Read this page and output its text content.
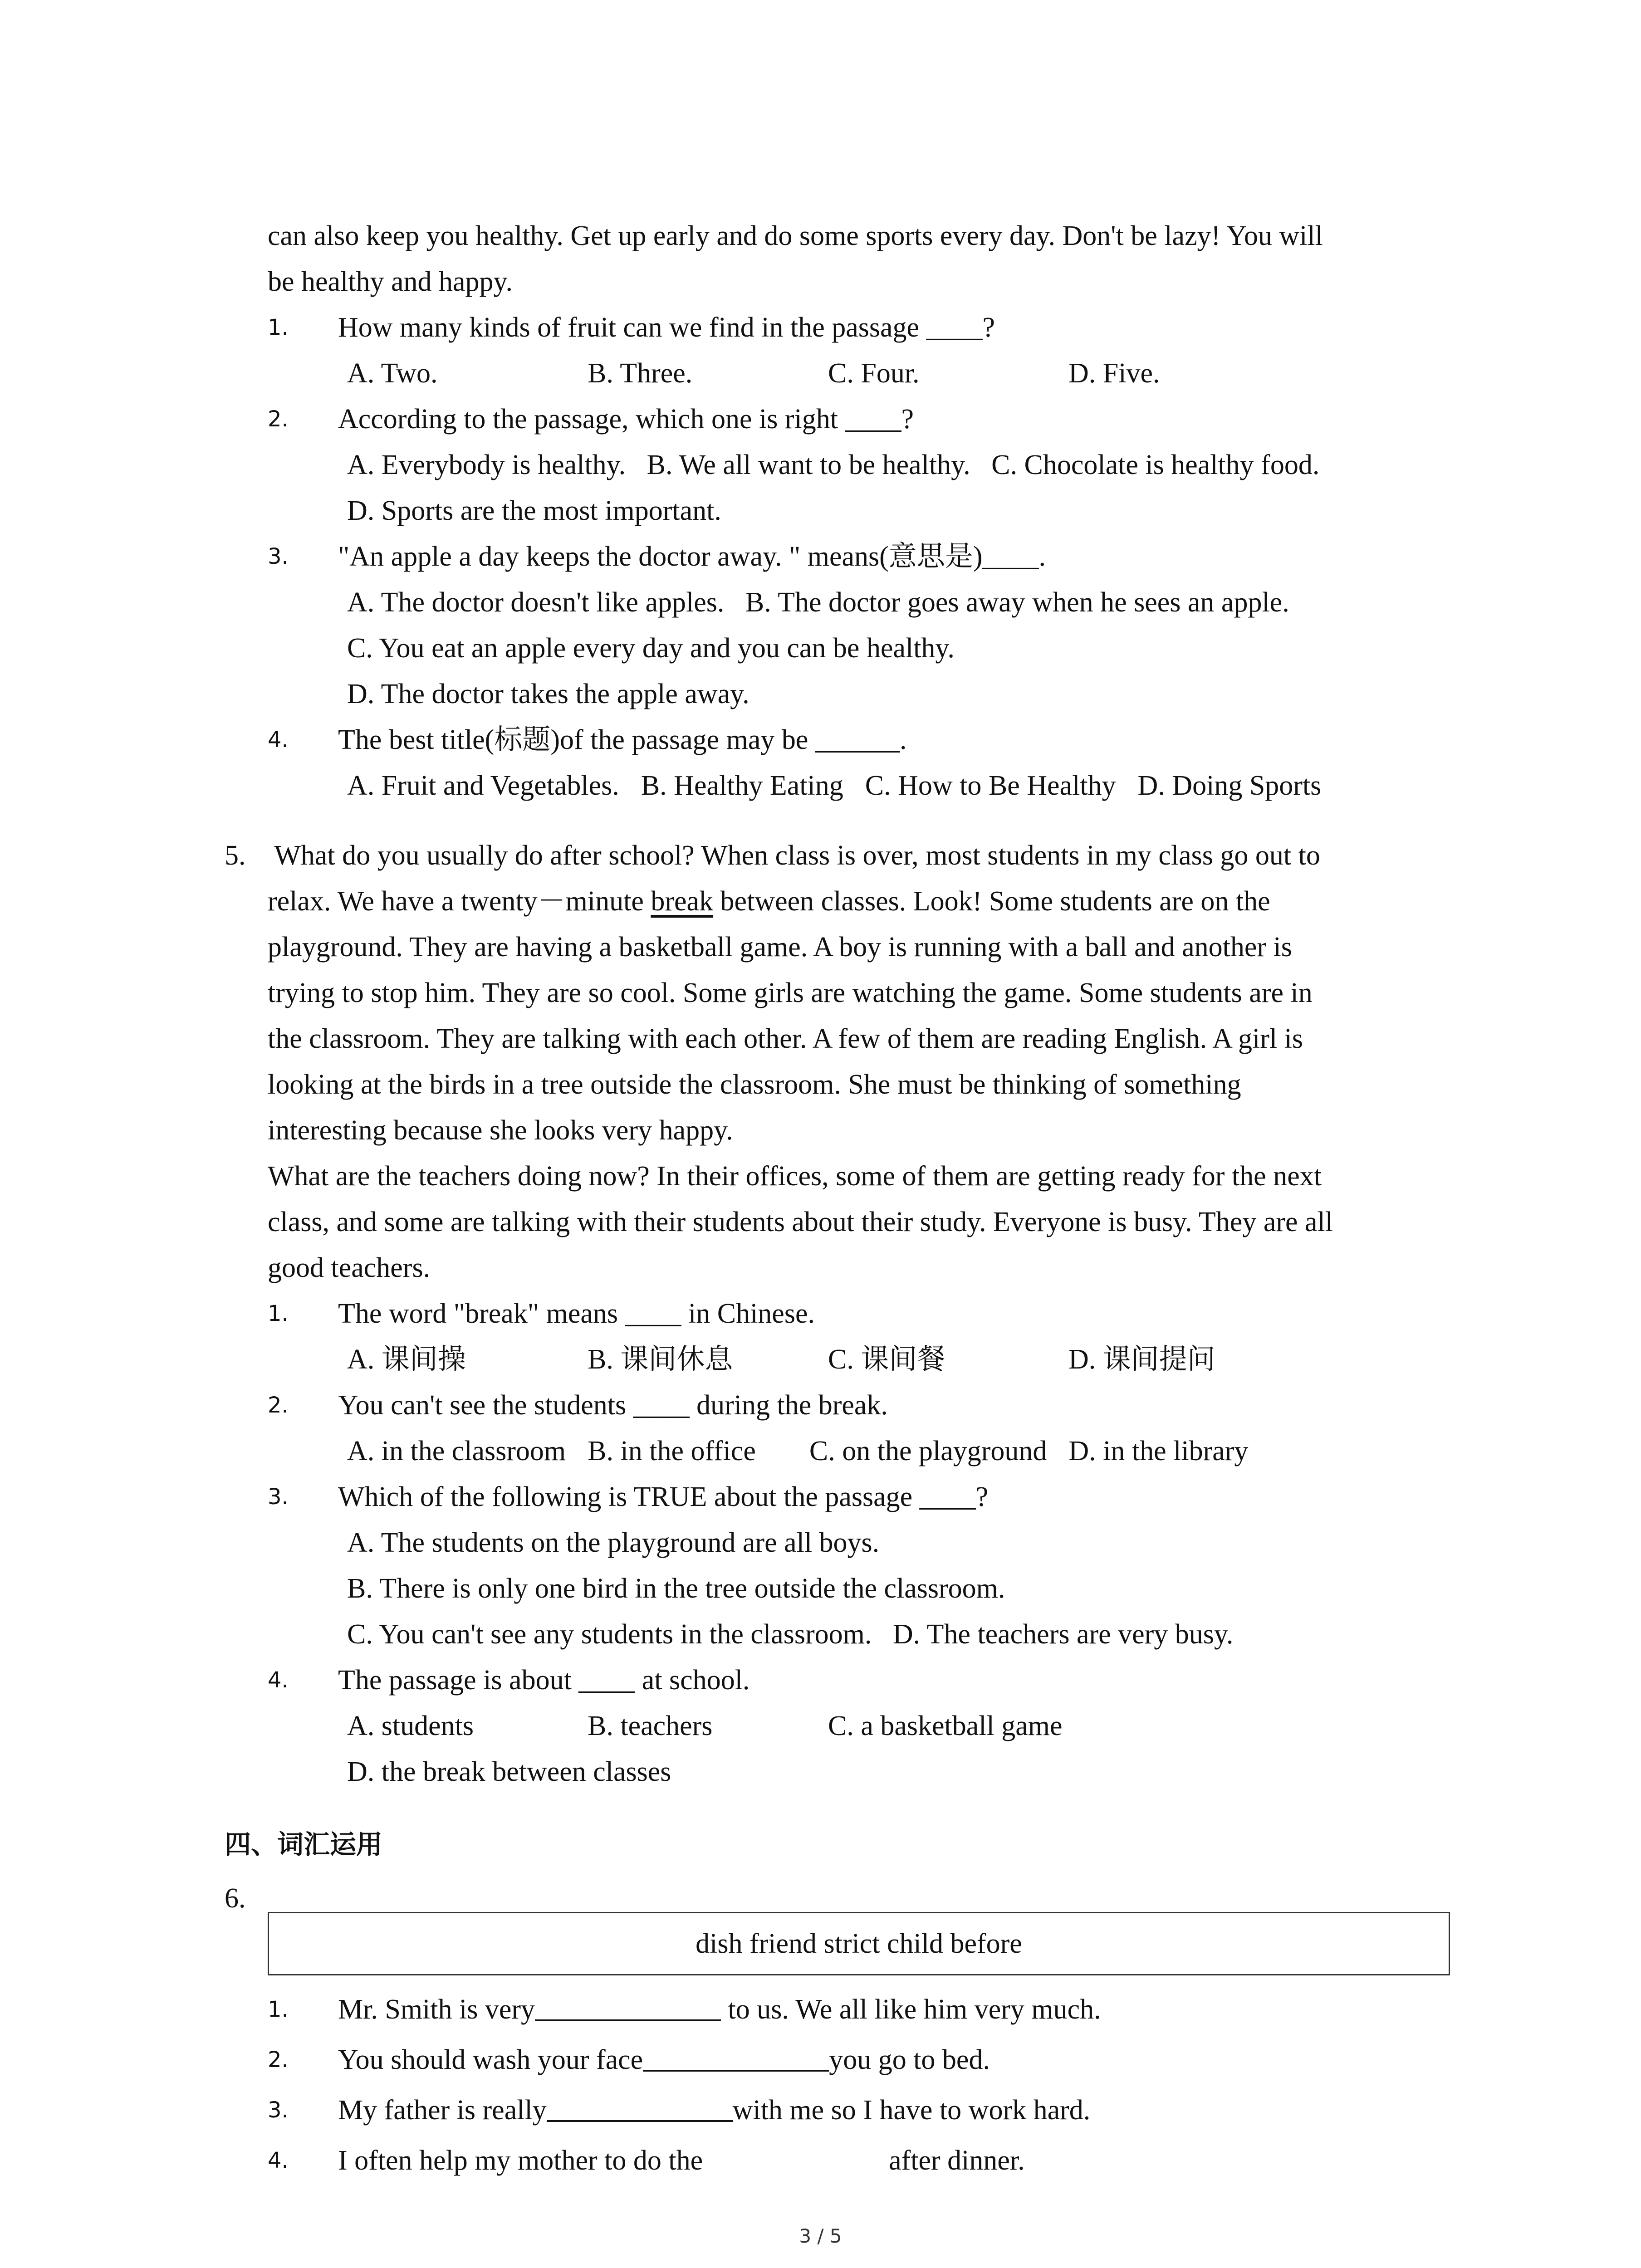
can also keep you healthy. Get up early and do some sports every day. Don't be lazy! You will

be healthy and happy.

1. How many kinds of fruit can we find in the passage ____?
A. Two.	B. Three.	C. Four.	D. Five.
2. According to the passage, which one is right ____?
A. Everybody is healthy.   B. We all want to be healthy.   C. Chocolate is healthy food.
D. Sports are the most important.
3. "An apple a day keeps the doctor away. " means(意思是)____.
A. The doctor doesn't like apples.   B. The doctor goes away when he sees an apple.
C. You eat an apple every day and you can be healthy.
D. The doctor takes the apple away.
4. The best title(标题)of the passage may be ______.
A. Fruit and Vegetables. B. Healthy Eating C. How to Be Healthy D. Doing Sports
5. What do you usually do after school? When class is over, most students in my class go out to

relax. We have a twenty－minute break between classes. Look! Some students are on the

playground. They are having a basketball game. A boy is running with a ball and another is

trying to stop him. They are so cool. Some girls are watching the game. Some students are in

the classroom. They are talking with each other. A few of them are reading English. A girl is

looking at the birds in a tree outside the classroom. She must be thinking of something

interesting because she looks very happy.

What are the teachers doing now? In their offices, some of them are getting ready for the next

class, and some are talking with their students about their study. Everyone is busy. They are all

good teachers.

1. The word "break" means ____ in Chinese.
A. 课间操	B. 课间休息	C. 课间餐	D. 课间提问
2. You can't see the students ____ during the break.
A. in the classroom B. in the office C. on the playground D. in the library
3. Which of the following is TRUE about the passage ____?
A. The students on the playground are all boys.
B. There is only one bird in the tree outside the classroom.
C. You can't see any students in the classroom.   D. The teachers are very busy.
4. The passage is about ____ at school.
A. students	B. teachers	C. a basketball game
D. the break between classes
四、词汇运用
6.
dish friend strict child before
1. Mr. Smith is very	to us. We all like him very much.
2. You should wash your face	you go to bed.
3. My father is really	with me so I have to work hard.
4. I often help my mother to do the	after dinner.
3 / 5
